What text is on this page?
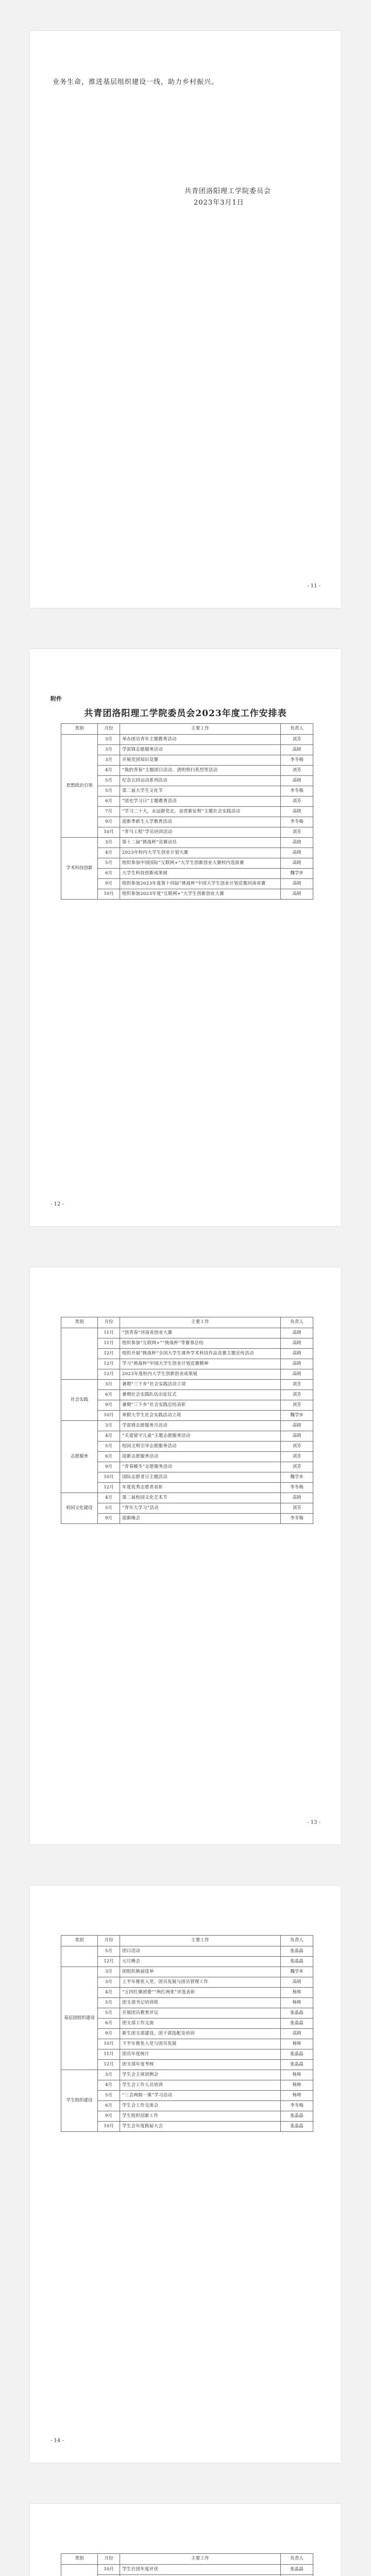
业务生命，推进基层组织建设一线，助力乡村振兴。
共青团洛阳理工学院委员会
2023年3月1日
- 11 -
附件
共青团洛阳理工学院委员会2023年度工作安排表
类别	月份	主要工作	负责人
思想政治引领	3月	举办团员青年主题教育活动	刘芳
	3月	学雷锋志愿服务活动	高晓
	3月	开展党团知识竞赛	李冬梅
	4月	“我的青春”主题团日活动、清明祭扫英烈等活动	刘芳
	5月	纪念五四运动系列活动	高晓
	5月	第二届大学生文化节	李冬梅
	6月	“团史学习日”主题教育活动	刘芳
	7月	“学习二十大，永远跟党走，奋进新征程”主题社会实践活动	高晓
	9月	迎新季新生入学教育活动	李冬梅
	10月	“青马工程”学员培训活动	刘芳
学术科技创新	3月	第十二届“挑战杯”竞赛动员	高晓
	4月	2023年校内大学生创业计划大赛	高晓
	5月	组织参加中国国际“互联网+”大学生创新创业大赛校内选拔赛	高晓
	6月	大学生科技创新成果展	魏学乡
	9月	组织参加2023年度第十四届“挑战杯”中国大学生创业计划竞赛河南省赛	高晓
	10月	组织参加2023年度“互联网+”大学生创新创业大赛	高晓
- 12 -
类别	月份	主要工作	负责人
	11月	“创青春”河南省创业大赛	高晓
	11月	组织参加“互联网+”“挑战杯”等赛事总结	高晓
	12月	组织开展“挑战杯”全国大学生课外学术科技作品竞赛主题宣传活动	高晓
	12月	学习“挑战杯”中国大学生创业计划竞赛精神	高晓
	12月	2023年度校内大学生创新创业成果展	高晓
社会实践	3月	暑期“三下乡”社会实践活动立项	刘芳
	6月	暑期社会实践队伍出征仪式	刘芳
	9月	暑期“三下乡”社会实践总结表彰	刘芳
	10月	寒假大学生社会实践活动立项	魏学乡
志愿服务	3月	学雷锋志愿服务月活动	高晓
	4月	“关爱留守儿童”主题志愿服务活动	高晓
	5月	校园文明引导志愿服务活动	刘芳
	6月	迎新志愿服务活动	刘芳
	9月	“青春暖冬”志愿服务活动	刘芳
	10月	国际志愿者日主题活动	魏学乡
	12月	年度优秀志愿者表彰	李冬梅
校园文化建设	4月	第二届校园文化艺术节	高晓
	5月	“青年大学习”活动	刘芳
	9月	迎新晚会	李冬梅
- 13 -
类别	月份	主要工作	负责人
	5月	团日活动	张晶晶
	12月	元旦晚会	张晶晶
基层团组织建设	3月	团组织换届选举	魏学乡
	3月	上半年推优入党、团员发展与团员管理工作	高晓
	4月	“五四红旗团委”“两红两优”评选表彰	杨帅
	5月	团支部书记培训班	杨帅
	5月	开展团员教育评议	张晶晶
	6月	团支部工作交流	张晶晶
	9月	新生团支部建设，团干部选配及培训	高晓
	10月	下半年推优入党与团员发展	杨帅
	11月	团员年度统计	张晶晶
	12月	团支部年度考核	张晶晶
学生组织建设	3月	学生会主席团例会	杨帅
	4月	学生会工作人员培训	杨帅
	5月	“三会两制一课”学习活动	杨帅
	6月	学生会工作交流会	李冬梅
	9月	学生组织招新工作	张晶晶
	10月	学生会年度换届大会	张晶晶
- 14 -
类别	月份	主要工作	负责人
	10月	学生社团年度评优	张晶晶
